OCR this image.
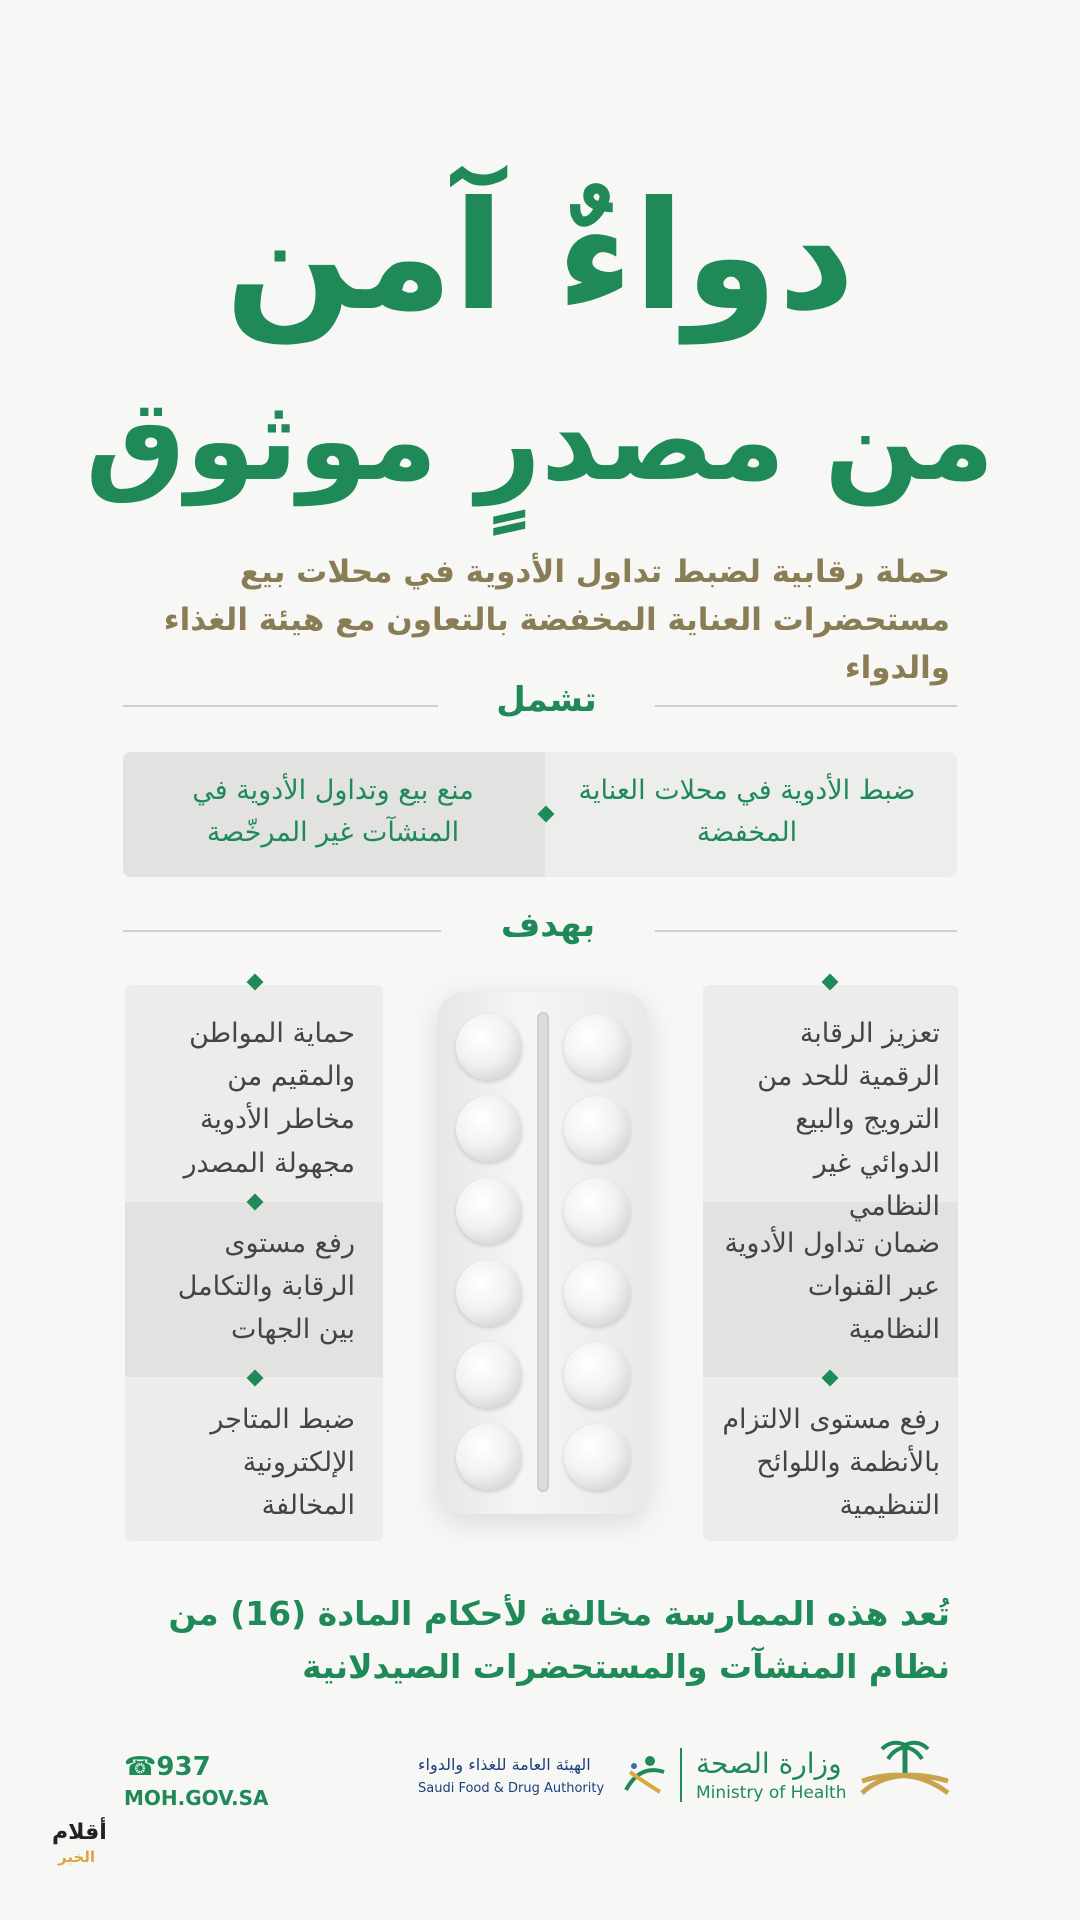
دواءٌ آمن
من مصدرٍ موثوق
حملة رقابية لضبط تداول الأدوية في محلات بيع مستحضرات العناية المخفضة بالتعاون مع هيئة الغذاء والدواء
تشمل
ضبط الأدوية في محلات العناية المخفضة
منع بيع وتداول الأدوية في المنشآت غير المرخّصة
بهدف
حماية المواطن والمقيم من مخاطر الأدوية مجهولة المصدر
رفع مستوى الرقابة والتكامل بين الجهات
ضبط المتاجر الإلكترونية المخالفة
تعزيز الرقابة الرقمية للحد من الترويج والبيع الدوائي غير النظامي
ضمان تداول الأدوية عبر القنوات النظامية
رفع مستوى الالتزام بالأنظمة واللوائح التنظيمية
تُعد هذه الممارسة مخالفة لأحكام المادة (16) من نظام المنشآت والمستحضرات الصيدلانية
☎937
MOH.GOV.SA
الهيئة العامة للغذاء والدواء
Saudi Food & Drug Authority
وزارة الصحة
Ministry of Health
أقلام
الخبر
